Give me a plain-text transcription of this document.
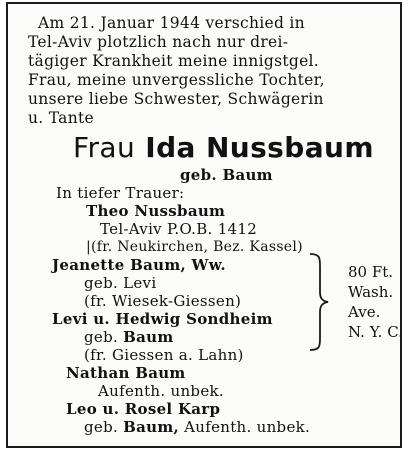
Am 21. Januar 1944 verschied in
Tel-Aviv plotzlich nach nur drei-
tägiger Krankheit meine innigstgel.
Frau, meine unvergessliche Tochter,
unsere liebe Schwester, Schwägerin
u. Tante
Frau Ida Nussbaum
geb. Baum
In tiefer Trauer:
Theo Nussbaum
Tel-Aviv P.O.B. 1412
|(fr. Neukirchen, Bez. Kassel)
Jeanette Baum, Ww.
geb. Levi
(fr. Wiesek-Giessen)
Levi u. Hedwig Sondheim
geb. Baum
(fr. Giessen a. Lahn)
Nathan Baum
Aufenth. unbek.
Leo u. Rosel Karp
geb. Baum, Aufenth. unbek.
80 Ft.
Wash.
Ave.
N. Y. C.
